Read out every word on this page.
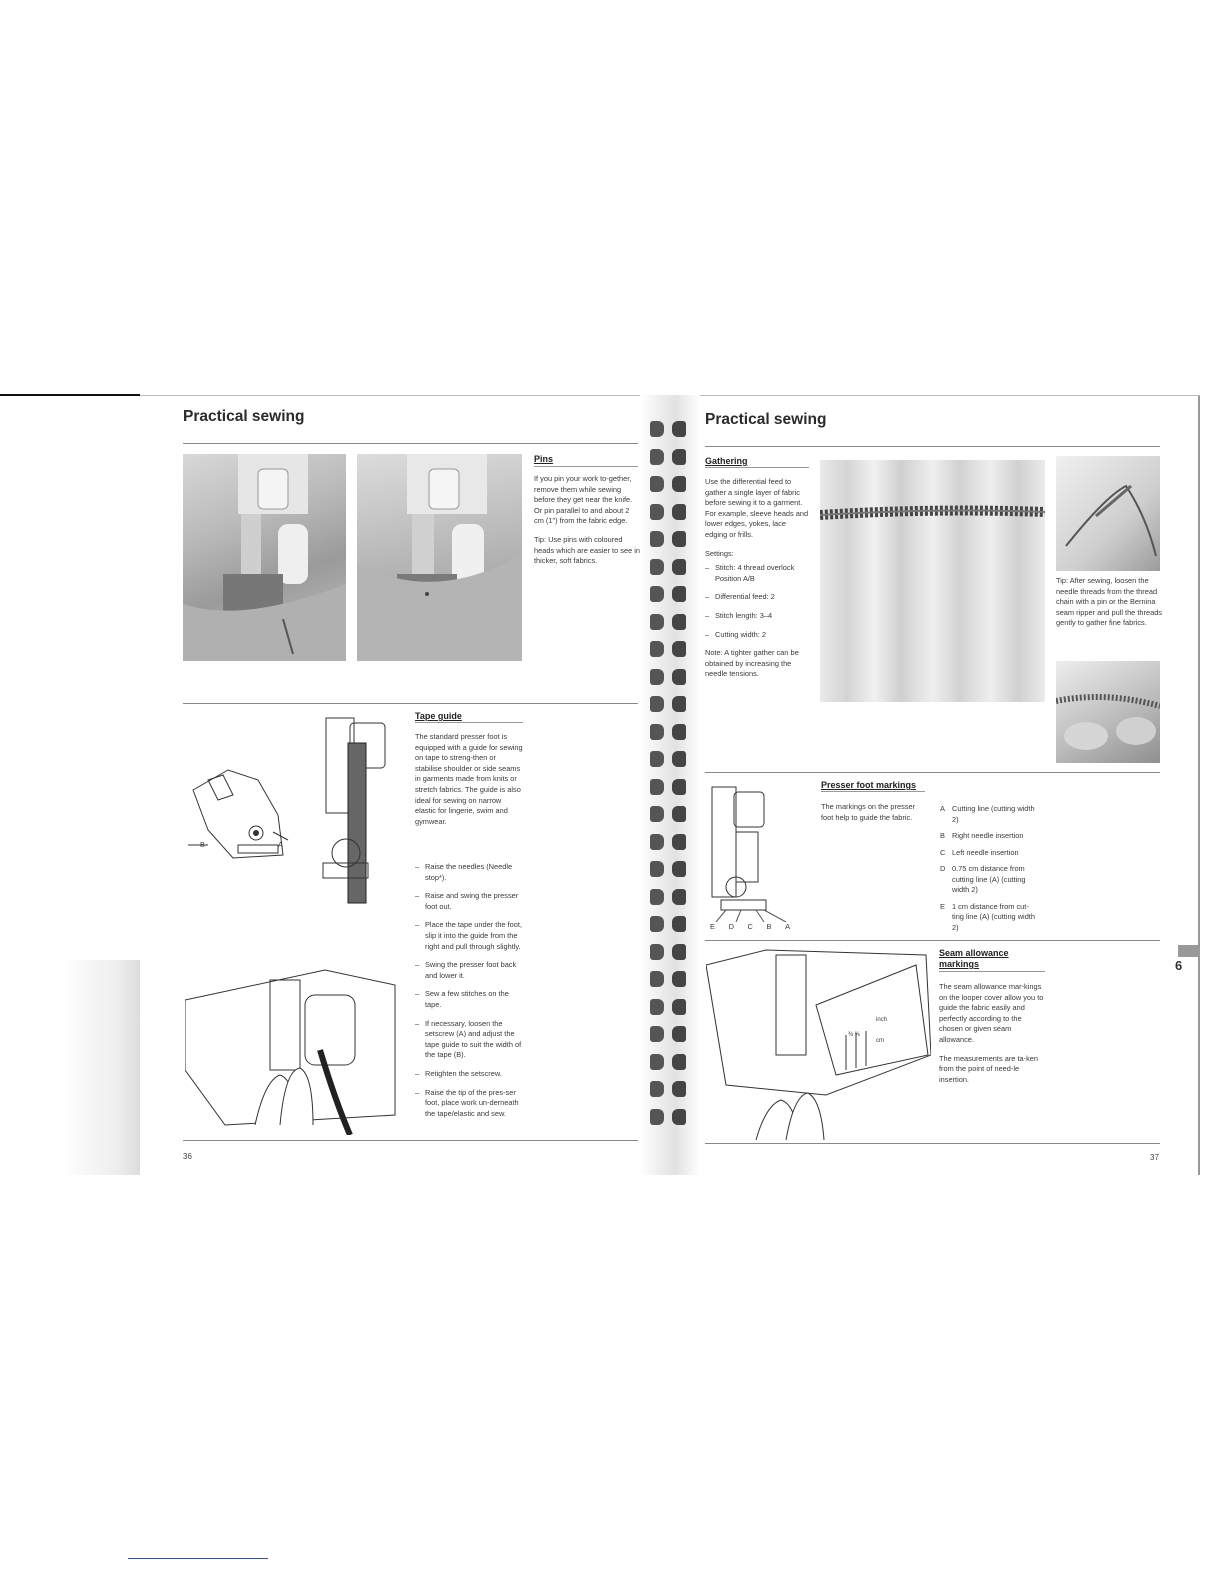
Practical sewing
Pins

If you pin your work to-gether, remove them while sewing before they get near the knife. Or pin parallel to and about 2 cm (1") from the fabric edge.

Tip: Use pins with coloured heads which are easier to see in thicker, soft fabrics.

Tape guide
The standard presser foot is equipped with a guide for sewing on tape to streng-then or stabilise shoulder or side seams in garments made from knits or stretch fabrics. The guide is also ideal for sewing on narrow elastic for lingerie, swim and gymwear.
– Raise the needles (Needle stop*).
– Raise and swing the presser foot out.
– Place the tape under the foot, slip it into the guide from the right and pull through slightly.
– Swing the presser foot back and lower it.
– Sew a few stitches on the tape.
– If necessary, loosen the setscrew (A) and adjust the tape guide to suit the width of the tape (B).
– Retighten the setscrew.
– Raise the tip of the pres-ser foot, place work un-derneath the tape/elastic and sew.
B	A
36
Practical sewing
Gathering

Use the differential feed to gather a single layer of fabric before sewing it to a garment. For example, sleeve heads and lower edges, yokes, lace edging or frills.

Settings:

– Stitch: 4 thread overlock Position A/B
– Differential feed: 2
– Stitch length: 3–4
– Cutting width: 2

Note: A tighter gather can be obtained by increasing the needle tensions.

Tip: After sewing, loosen the needle threads from the thread chain with a pin or the Bernina seam ripper and pull the threads gently to gather fine fabrics.
Presser foot markings
The markings on the presser foot help to guide the fabric.
A Cutting line (cutting width 2)
B Right needle insertion
C Left needle insertion
D 0.75 cm distance from cutting line (A) (cutting width 2)
E 1 cm distance from cut-ting line (A) (cutting width 2)
E D C B A
Seam allowance markings

The seam allowance mar-kings on the looper cover allow you to guide the fabric easily and perfectly according to the chosen or given seam allowance.

The measurements are ta-ken from the point of need-le insertion.

inch
⅜ ⅝
cm
6
37
